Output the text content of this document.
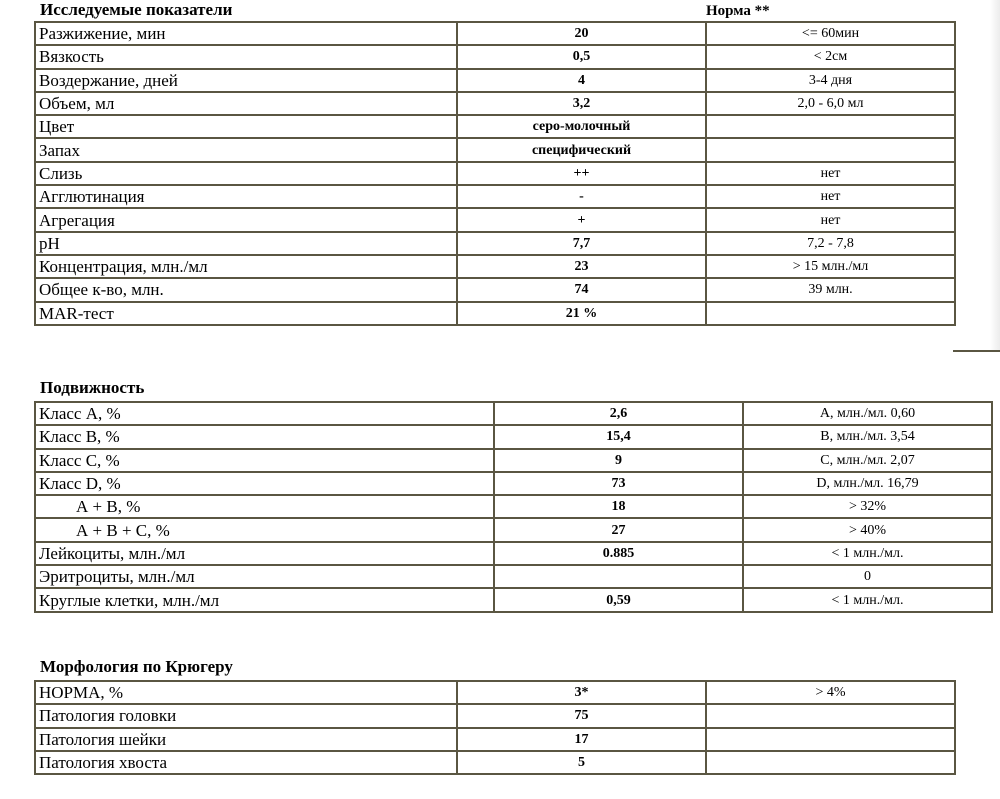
Исследуемые показатели	Норма **
Разжижение, мин	20	<= 60мин
Вязкость	0,5	< 2см
Воздержание, дней	4	3-4 дня
Объем, мл	3,2	2,0 - 6,0 мл
Цвет	серо-молочный	
Запах	специфический	
Слизь	++	нет
Агглютинация	-	нет
Агрегация	+	нет
pH	7,7	7,2 - 7,8
Концентрация, млн./мл	23	> 15 млн./мл
Общее к-во, млн.	74	39 млн.
MAR-тест	21 %	
Подвижность
Класс А, %	2,6	А, млн./мл. 0,60
Класс В, %	15,4	В, млн./мл. 3,54
Класс С, %	9	С, млн./мл. 2,07
Класс D, %	73	D, млн./мл. 16,79
А + В, %	18	> 32%
А + В + С, %	27	> 40%
Лейкоциты, млн./мл	0.885	< 1 млн./мл.
Эритроциты, млн./мл		0
Круглые клетки, млн./мл	0,59	< 1 млн./мл.
Морфология по Крюгеру
НОРМА, %	3*	> 4%
Патология головки	75	
Патология шейки	17	
Патология хвоста	5	
